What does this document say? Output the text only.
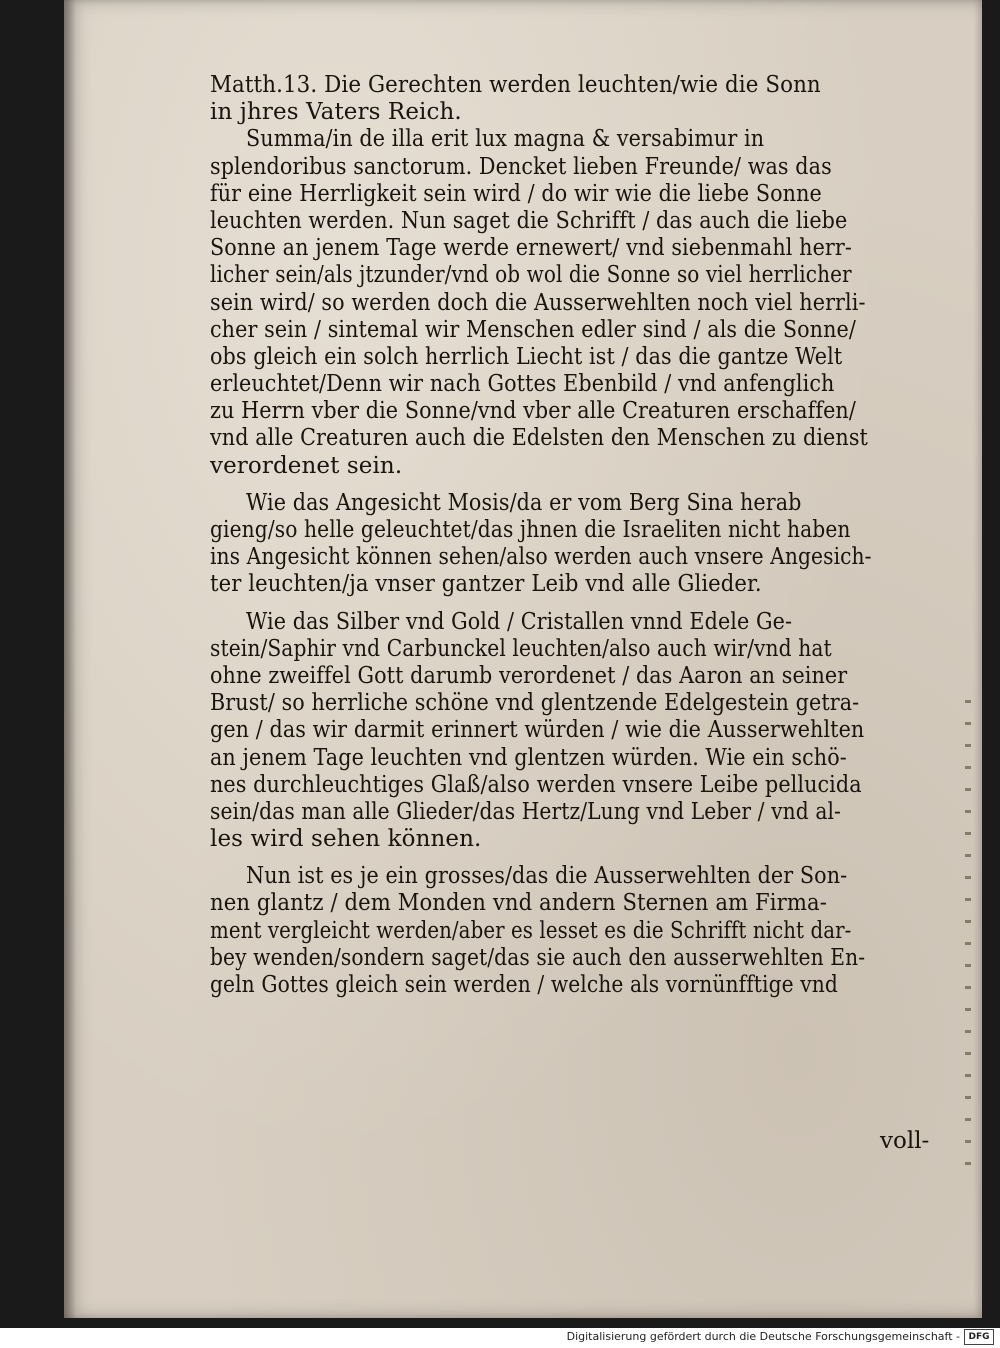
Matth.13. Die Gerechten werden leuchten/wie die Sonn
in jhres Vaters Reich.
Summa/in de illa erit lux magna & versabimur in
splendoribus sanctorum. Dencket lieben Freunde/ was das
für eine Herrligkeit sein wird / do wir wie die liebe Sonne
leuchten werden. Nun saget die Schrifft / das auch die liebe
Sonne an jenem Tage werde ernewert/ vnd siebenmahl herr-
licher sein/als jtzunder/vnd ob wol die Sonne so viel herrlicher
sein wird/ so werden doch die Ausserwehlten noch viel herrli-
cher sein / sintemal wir Menschen edler sind / als die Sonne/
obs gleich ein solch herrlich Liecht ist / das die gantze Welt
erleuchtet/Denn wir nach Gottes Ebenbild / vnd anfenglich
zu Herrn vber die Sonne/vnd vber alle Creaturen erschaffen/
vnd alle Creaturen auch die Edelsten den Menschen zu dienst
verordenet sein.
Wie das Angesicht Mosis/da er vom Berg Sina herab
gieng/so helle geleuchtet/das jhnen die Israeliten nicht haben
ins Angesicht können sehen/also werden auch vnsere Angesich-
ter leuchten/ja vnser gantzer Leib vnd alle Glieder.
Wie das Silber vnd Gold / Cristallen vnnd Edele Ge-
stein/Saphir vnd Carbunckel leuchten/also auch wir/vnd hat
ohne zweiffel Gott darumb verordenet / das Aaron an seiner
Brust/ so herrliche schöne vnd glentzende Edelgestein getra-
gen / das wir darmit erinnert würden / wie die Ausserwehlten
an jenem Tage leuchten vnd glentzen würden. Wie ein schö-
nes durchleuchtiges Glaß/also werden vnsere Leibe pellucida
sein/das man alle Glieder/das Hertz/Lung vnd Leber / vnd al-
les wird sehen können.
Nun ist es je ein grosses/das die Ausserwehlten der Son-
nen glantz / dem Monden vnd andern Sternen am Firma-
ment vergleicht werden/aber es lesset es die Schrifft nicht dar-
bey wenden/sondern saget/das sie auch den ausserwehlten En-
geln Gottes gleich sein werden / welche als vornünfftige vnd
voll-
Digitalisierung gefördert durch die Deutsche Forschungsgemeinschaft - DFG
